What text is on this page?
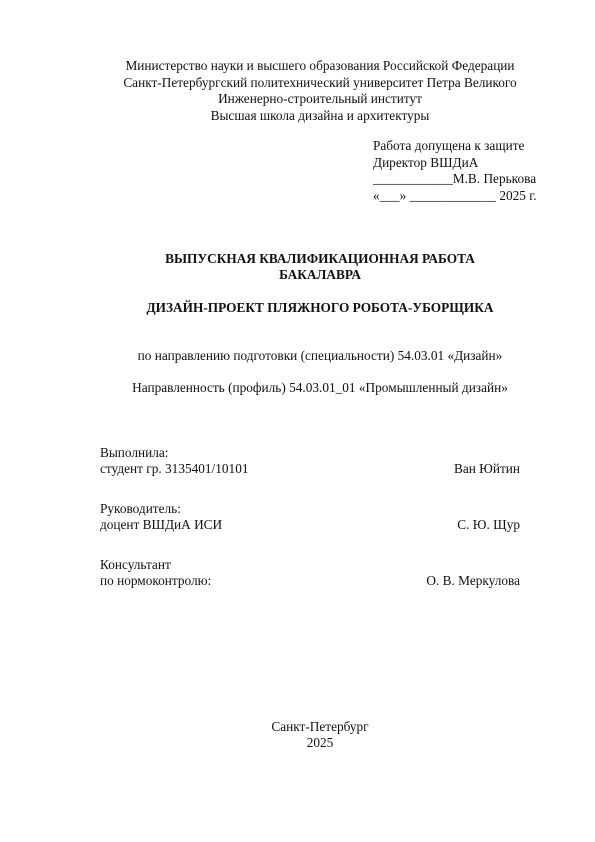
Министерство науки и высшего образования Российской Федерации
Санкт-Петербургский политехнический университет Петра Великого
Инженерно-строительный институт
Высшая школа дизайна и архитектуры
Работа допущена к защите
Директор ВШДиА
____________М.В. Перькова
«___» _____________ 2025 г.
ВЫПУСКНАЯ КВАЛИФИКАЦИОННАЯ РАБОТА
БАКАЛАВРА
ДИЗАЙН-ПРОЕКТ ПЛЯЖНОГО РОБОТА-УБОРЩИКА
по направлению подготовки (специальности) 54.03.01 «Дизайн»
Направленность (профиль) 54.03.01_01 «Промышленный дизайн»
Выполнила:
студент гр. 3135401/10101	Ван Юйтин
Руководитель:
доцент ВШДиА ИСИ	С. Ю. Щур
Консультант
по нормоконтролю:	О. В. Меркулова
Санкт-Петербург
2025
